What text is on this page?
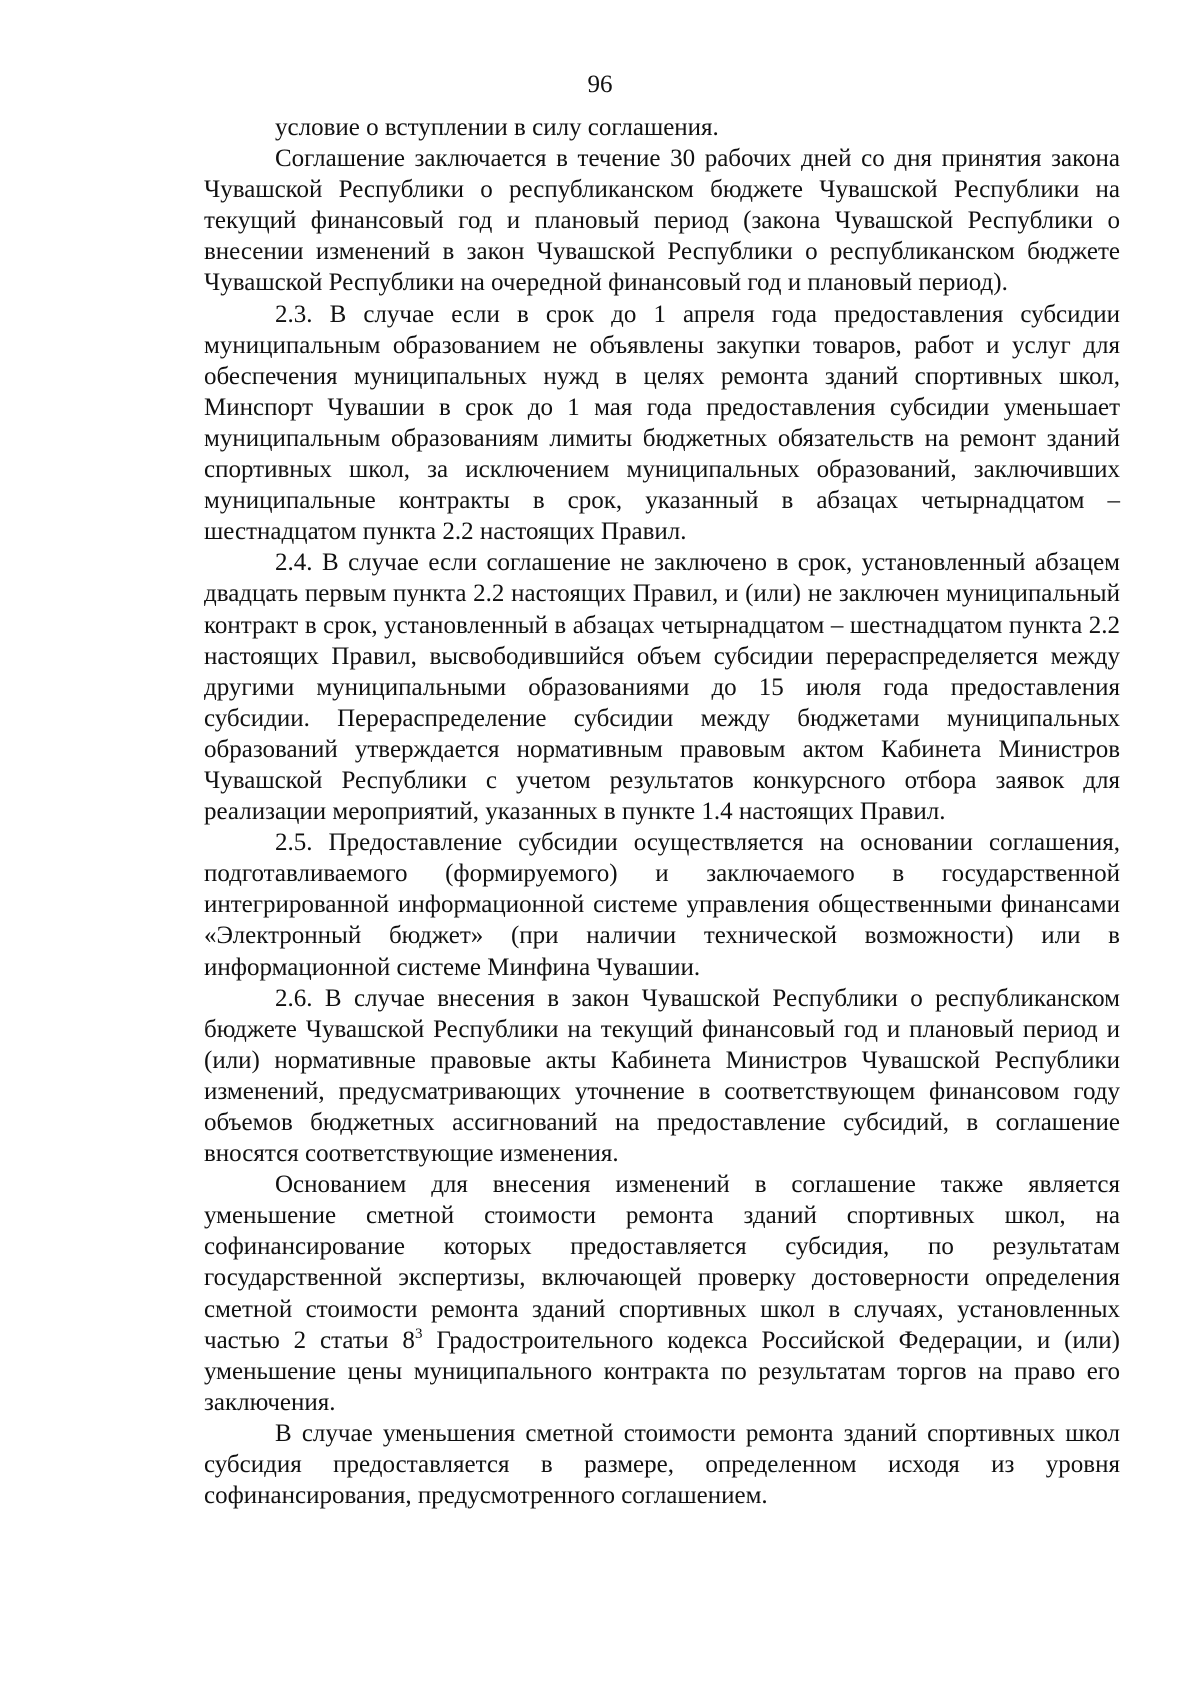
96

условие о вступлении в силу соглашения.

Соглашение заключается в течение 30 рабочих дней со дня принятия закона Чувашской Республики о республиканском бюджете Чувашской Республики на текущий финансовый год и плановый период (закона Чувашской Республики о внесении изменений в закон Чувашской Республики о республиканском бюджете Чувашской Республики на очередной финансовый год и плановый период).

2.3. В случае если в срок до 1 апреля года предоставления субсидии муниципальным образованием не объявлены закупки товаров, работ и услуг для обеспечения муниципальных нужд в целях ремонта зданий спортивных школ, Минспорт Чувашии в срок до 1 мая года предоставления субсидии уменьшает муниципальным образованиям лимиты бюджетных обязательств на ремонт зданий спортивных школ, за исключением муниципальных образований, заключивших муниципальные контракты в срок, указанный в абзацах четырнадцатом – шестнадцатом пункта 2.2 настоящих Правил.

2.4. В случае если соглашение не заключено в срок, установленный абзацем двадцать первым пункта 2.2 настоящих Правил, и (или) не заключен муниципальный контракт в срок, установленный в абзацах четырнадцатом – шестнадцатом пункта 2.2 настоящих Правил, высвободившийся объем субсидии перераспределяется между другими муниципальными образованиями до 15 июля года предоставления субсидии. Перераспределение субсидии между бюджетами муниципальных образований утверждается нормативным правовым актом Кабинета Министров Чувашской Республики с учетом результатов конкурсного отбора заявок для реализации мероприятий, указанных в пункте 1.4 настоящих Правил.

2.5. Предоставление субсидии осуществляется на основании соглашения, подготавливаемого (формируемого) и заключаемого в государственной интегрированной информационной системе управления общественными финансами «Электронный бюджет» (при наличии технической возможности) или в информационной системе Минфина Чувашии.

2.6. В случае внесения в закон Чувашской Республики о республиканском бюджете Чувашской Республики на текущий финансовый год и плановый период и (или) нормативные правовые акты Кабинета Министров Чувашской Республики изменений, предусматривающих уточнение в соответствующем финансовом году объемов бюджетных ассигнований на предоставление субсидий, в соглашение вносятся соответствующие изменения.

Основанием для внесения изменений в соглашение также является уменьшение сметной стоимости ремонта зданий спортивных школ, на софинансирование которых предоставляется субсидия, по результатам государственной экспертизы, включающей проверку достоверности определения сметной стоимости ремонта зданий спортивных школ в случаях, установленных частью 2 статьи $8^3$ Градостроительного кодекса Российской Федерации, и (или) уменьшение цены муниципального контракта по результатам торгов на право его заключения.

В случае уменьшения сметной стоимости ремонта зданий спортивных школ субсидия предоставляется в размере, определенном исходя из уровня софинансирования, предусмотренного соглашением.
